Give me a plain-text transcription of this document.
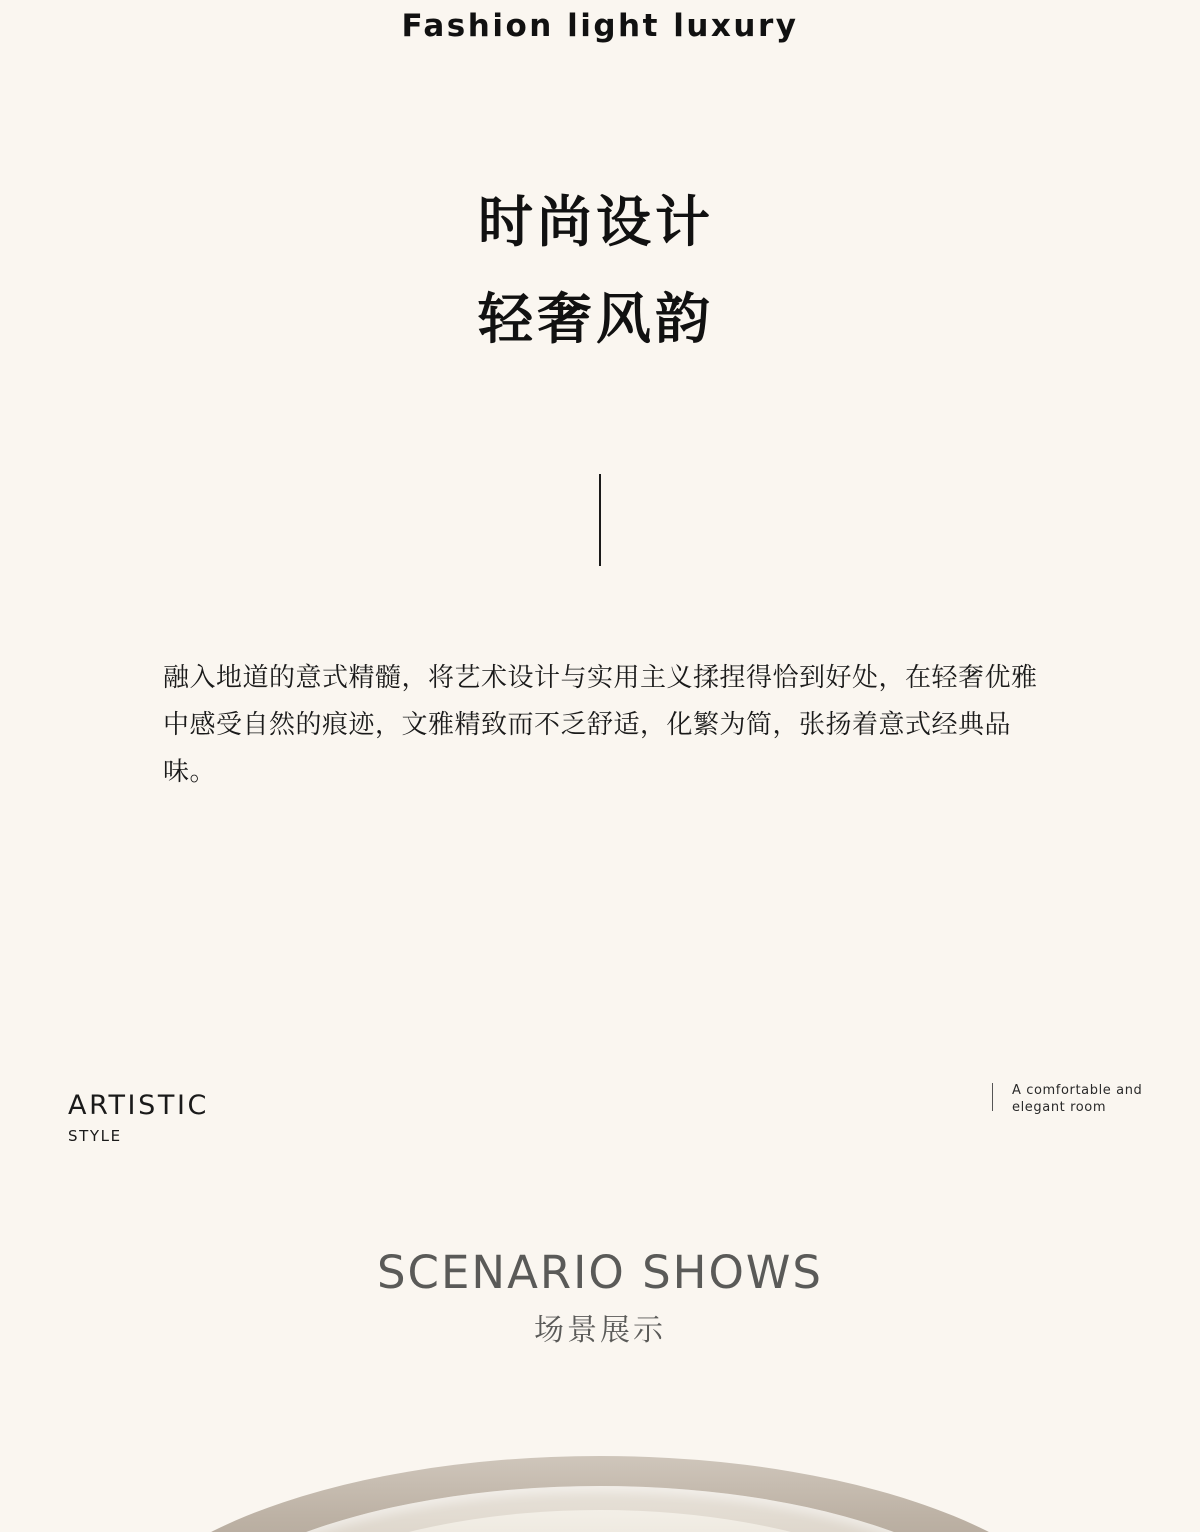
Fashion light luxury
时尚设计
轻奢风韵
融入地道的意式精髓，将艺术设计与实用主义揉捏得恰到好处，在轻奢优雅中感受自然的痕迹，文雅精致而不乏舒适，化繁为简，张扬着意式经典品味。
ARTISTIC
STYLE
A comfortable and elegant room
SCENARIO SHOWS
场景展示
